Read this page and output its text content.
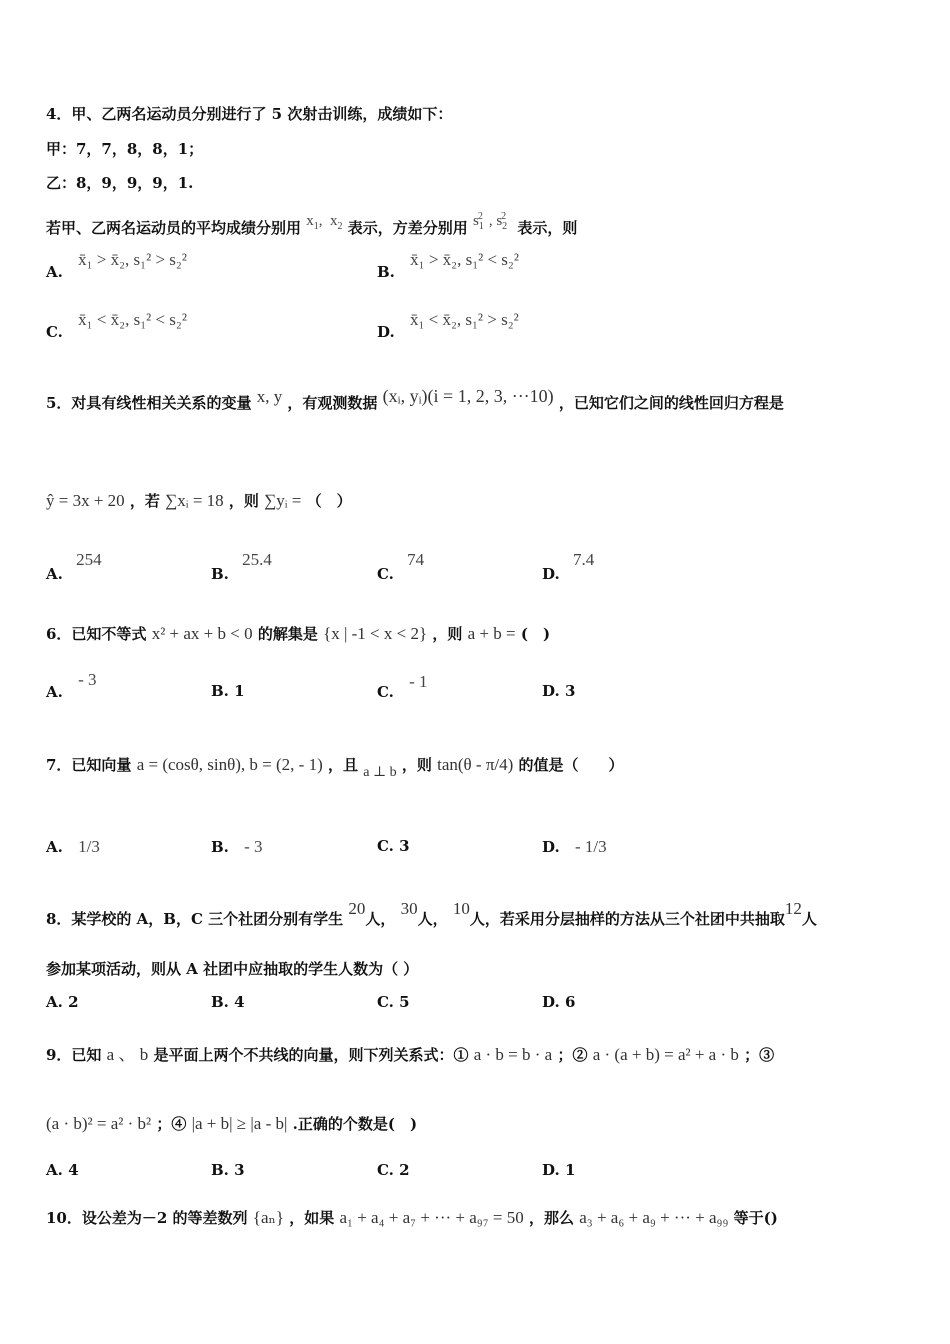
4．甲、乙两名运动员分别进行了 5 次射击训练，成绩如下：
甲：7，7，8，8，1；
乙：8，9，9，9，1.
若甲、乙两名运动员的平均成绩分别用 $x_1$,  $x_2$ 表示，方差分别用 $s_1^2$ , $s_2^2$ 表示，则
A. x̄₁ > x̄₂, s₁² > s₂²
B. x̄₁ > x̄₂, s₁² < s₂²
C. x̄₁ < x̄₂, s₁² < s₂²
D. x̄₁ < x̄₂, s₁² > s₂²
5．对具有线性相关关系的变量 x, y ，有观测数据 (xᵢ, yᵢ)(i = 1, 2, 3, ···10) ，已知它们之间的线性回归方程是
ŷ = 3x + 20 ，若 ∑xᵢ = 18 ，则 ∑yᵢ = （　）
A. 254
B. 25.4
C. 74
D. 7.4
6．已知不等式 x² + ax + b < 0 的解集是 {x | -1 < x < 2} ，则 a + b = (　)
A. - 3
B. 1	C. - 1	D. 3
7．已知向量 a = (cosθ, sinθ), b = (2, - 1) ，且 a ⊥ b ，则 tan(θ - π/4) 的值是（　　）
A. 1/3	B. - 3	C. 3	D. - 1/3
8．某学校的 A，B，C 三个社团分别有学生 20人， 30人， 10人，若采用分层抽样的方法从三个社团中共抽取12人
参加某项活动，则从 A 社团中应抽取的学生人数为（ ）
A. 2	B. 4	C. 5	D. 6
9．已知 a 、 b 是平面上两个不共线的向量，则下列关系式：① a · b = b · a ；② a · (a + b) = a² + a · b ；③
(a · b)² = a² · b² ；④ |a + b| ≥ |a - b| .正确的个数是(　)
A. 4	B. 3	C. 2	D. 1
10．设公差为－2 的等差数列 {aₙ} ，如果 a₁ + a₄ + a₇ + ··· + a₉₇ = 50 ，那么 a₃ + a₆ + a₉ + ··· + a₉₉ 等于()
